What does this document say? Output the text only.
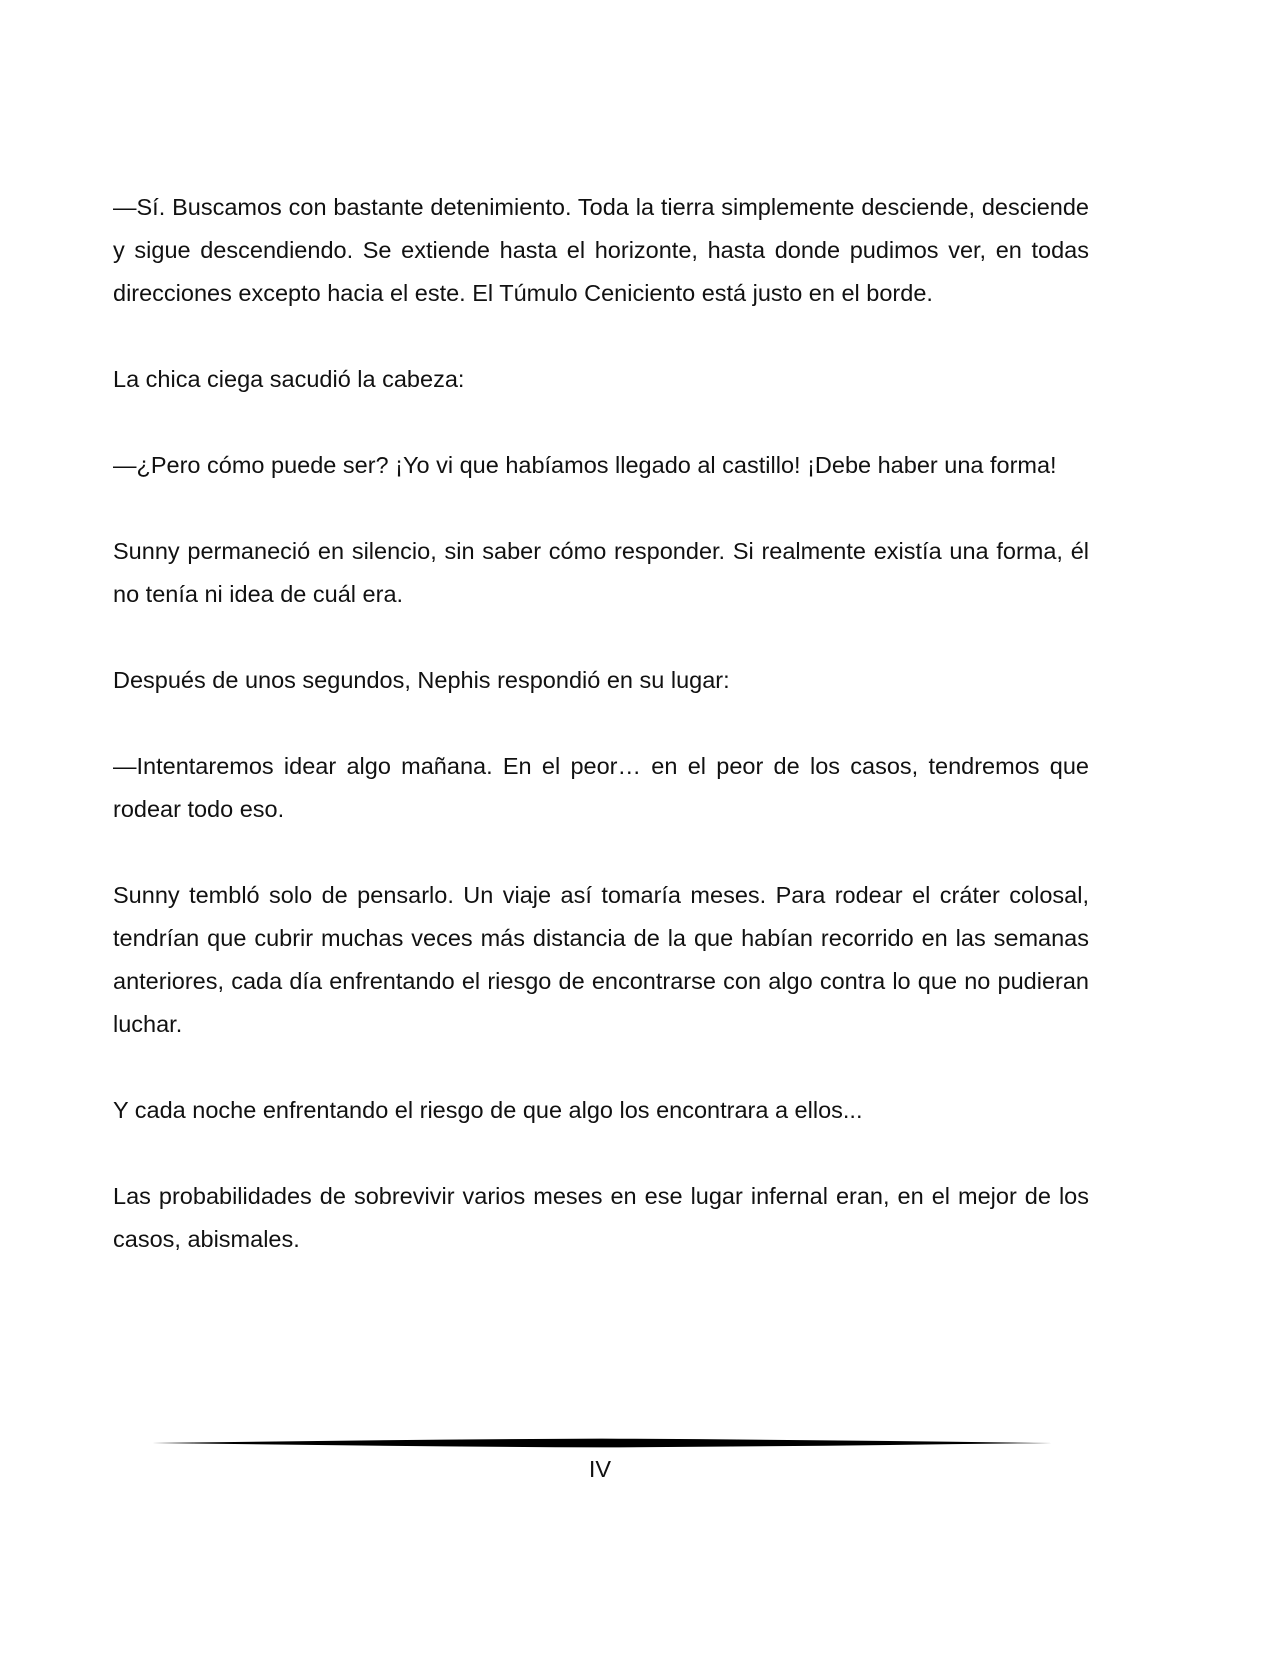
—Sí. Buscamos con bastante detenimiento. Toda la tierra simplemente desciende, desciende y sigue descendiendo. Se extiende hasta el horizonte, hasta donde pudimos ver, en todas direcciones excepto hacia el este. El Túmulo Ceniciento está justo en el borde.

La chica ciega sacudió la cabeza:

—¿Pero cómo puede ser? ¡Yo vi que habíamos llegado al castillo! ¡Debe haber una forma!

Sunny permaneció en silencio, sin saber cómo responder. Si realmente existía una forma, él no tenía ni idea de cuál era.

Después de unos segundos, Nephis respondió en su lugar:

—Intentaremos idear algo mañana. En el peor… en el peor de los casos, tendremos que rodear todo eso.

Sunny tembló solo de pensarlo. Un viaje así tomaría meses. Para rodear el cráter colosal, tendrían que cubrir muchas veces más distancia de la que habían recorrido en las semanas anteriores, cada día enfrentando el riesgo de encontrarse con algo contra lo que no pudieran luchar.

Y cada noche enfrentando el riesgo de que algo los encontrara a ellos...

Las probabilidades de sobrevivir varios meses en ese lugar infernal eran, en el mejor de los casos, abismales.

IV
